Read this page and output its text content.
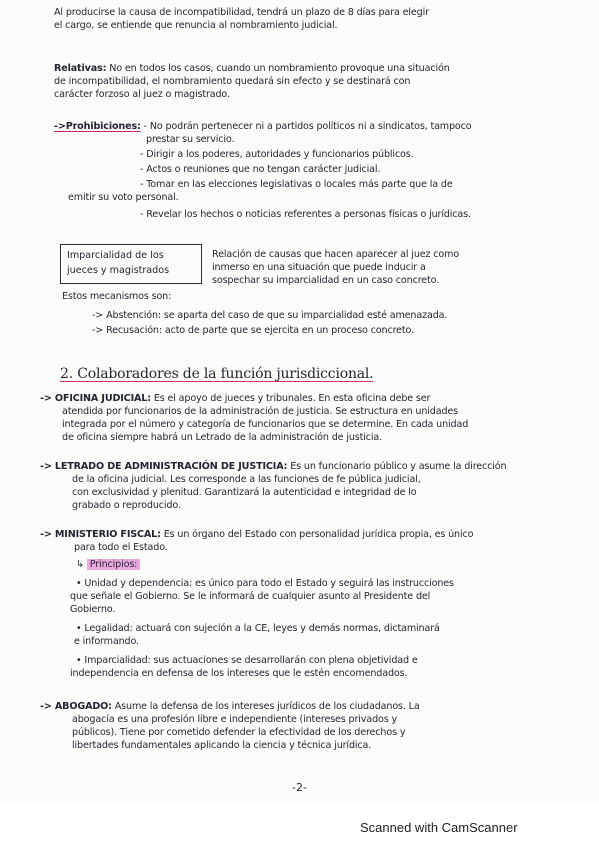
Al producirse la causa de incompatibilidad, tendrá un plazo de 8 días para elegir
el cargo, se entiende que renuncia al nombramiento judicial.
Relativas: No en todos los casos, cuando un nombramiento provoque una situación
de incompatibilidad, el nombramiento quedará sin efecto y se destinará con
carácter forzoso al juez o magistrado.
->Prohibiciones: - No podrán pertenecer ni a partidos políticos ni a sindicatos, tampoco
prestar su servicio.
- Dirigir a los poderes, autoridades y funcionarios públicos.
- Actos o reuniones que no tengan carácter judicial.
- Tomar en las elecciones legislativas o locales más parte que la de
emitir su voto personal.
- Revelar los hechos o noticias referentes a personas físicas o jurídicas.
Imparcialidad de los
jueces y magistrados
Relación de causas que hacen aparecer al juez como
inmerso en una situación que puede inducir a
sospechar su imparcialidad en un caso concreto.
Estos mecanismos son:
-> Abstención: se aparta del caso de que su imparcialidad esté amenazada.
-> Recusación: acto de parte que se ejercita en un proceso concreto.
2. Colaboradores de la función jurisdiccional.
-> OFICINA JUDICIAL: Es el apoyo de jueces y tribunales. En esta oficina debe ser
atendida por funcionarios de la administración de justicia. Se estructura en unidades
integrada por el número y categoría de funcionarios que se determine. En cada unidad
de oficina siempre habrá un Letrado de la administración de justicia.
-> LETRADO DE ADMINISTRACIÓN DE JUSTICIA: Es un funcionario público y asume la dirección
de la oficina judicial. Les corresponde a las funciones de fe pública judicial,
con exclusividad y plenitud. Garantizará la autenticidad e integridad de lo
grabado o reproducido.
-> MINISTERIO FISCAL: Es un órgano del Estado con personalidad jurídica propia, es único
para todo el Estado.
↳ Principios:
• Unidad y dependencia: es único para todo el Estado y seguirá las instrucciones
que señale el Gobierno. Se le informará de cualquier asunto al Presidente del
Gobierno.
• Legalidad: actuará con sujeción a la CE, leyes y demás normas, dictaminará
e informando.
• Imparcialidad: sus actuaciones se desarrollarán con plena objetividad e
independencia en defensa de los intereses que le estén encomendados.
-> ABOGADO: Asume la defensa de los intereses jurídicos de los ciudadanos. La
abogacía es una profesión libre e independiente (intereses privados y
públicos). Tiene por cometido defender la efectividad de los derechos y
libertades fundamentales aplicando la ciencia y técnica jurídica.
-2-
Scanned with CamScanner
